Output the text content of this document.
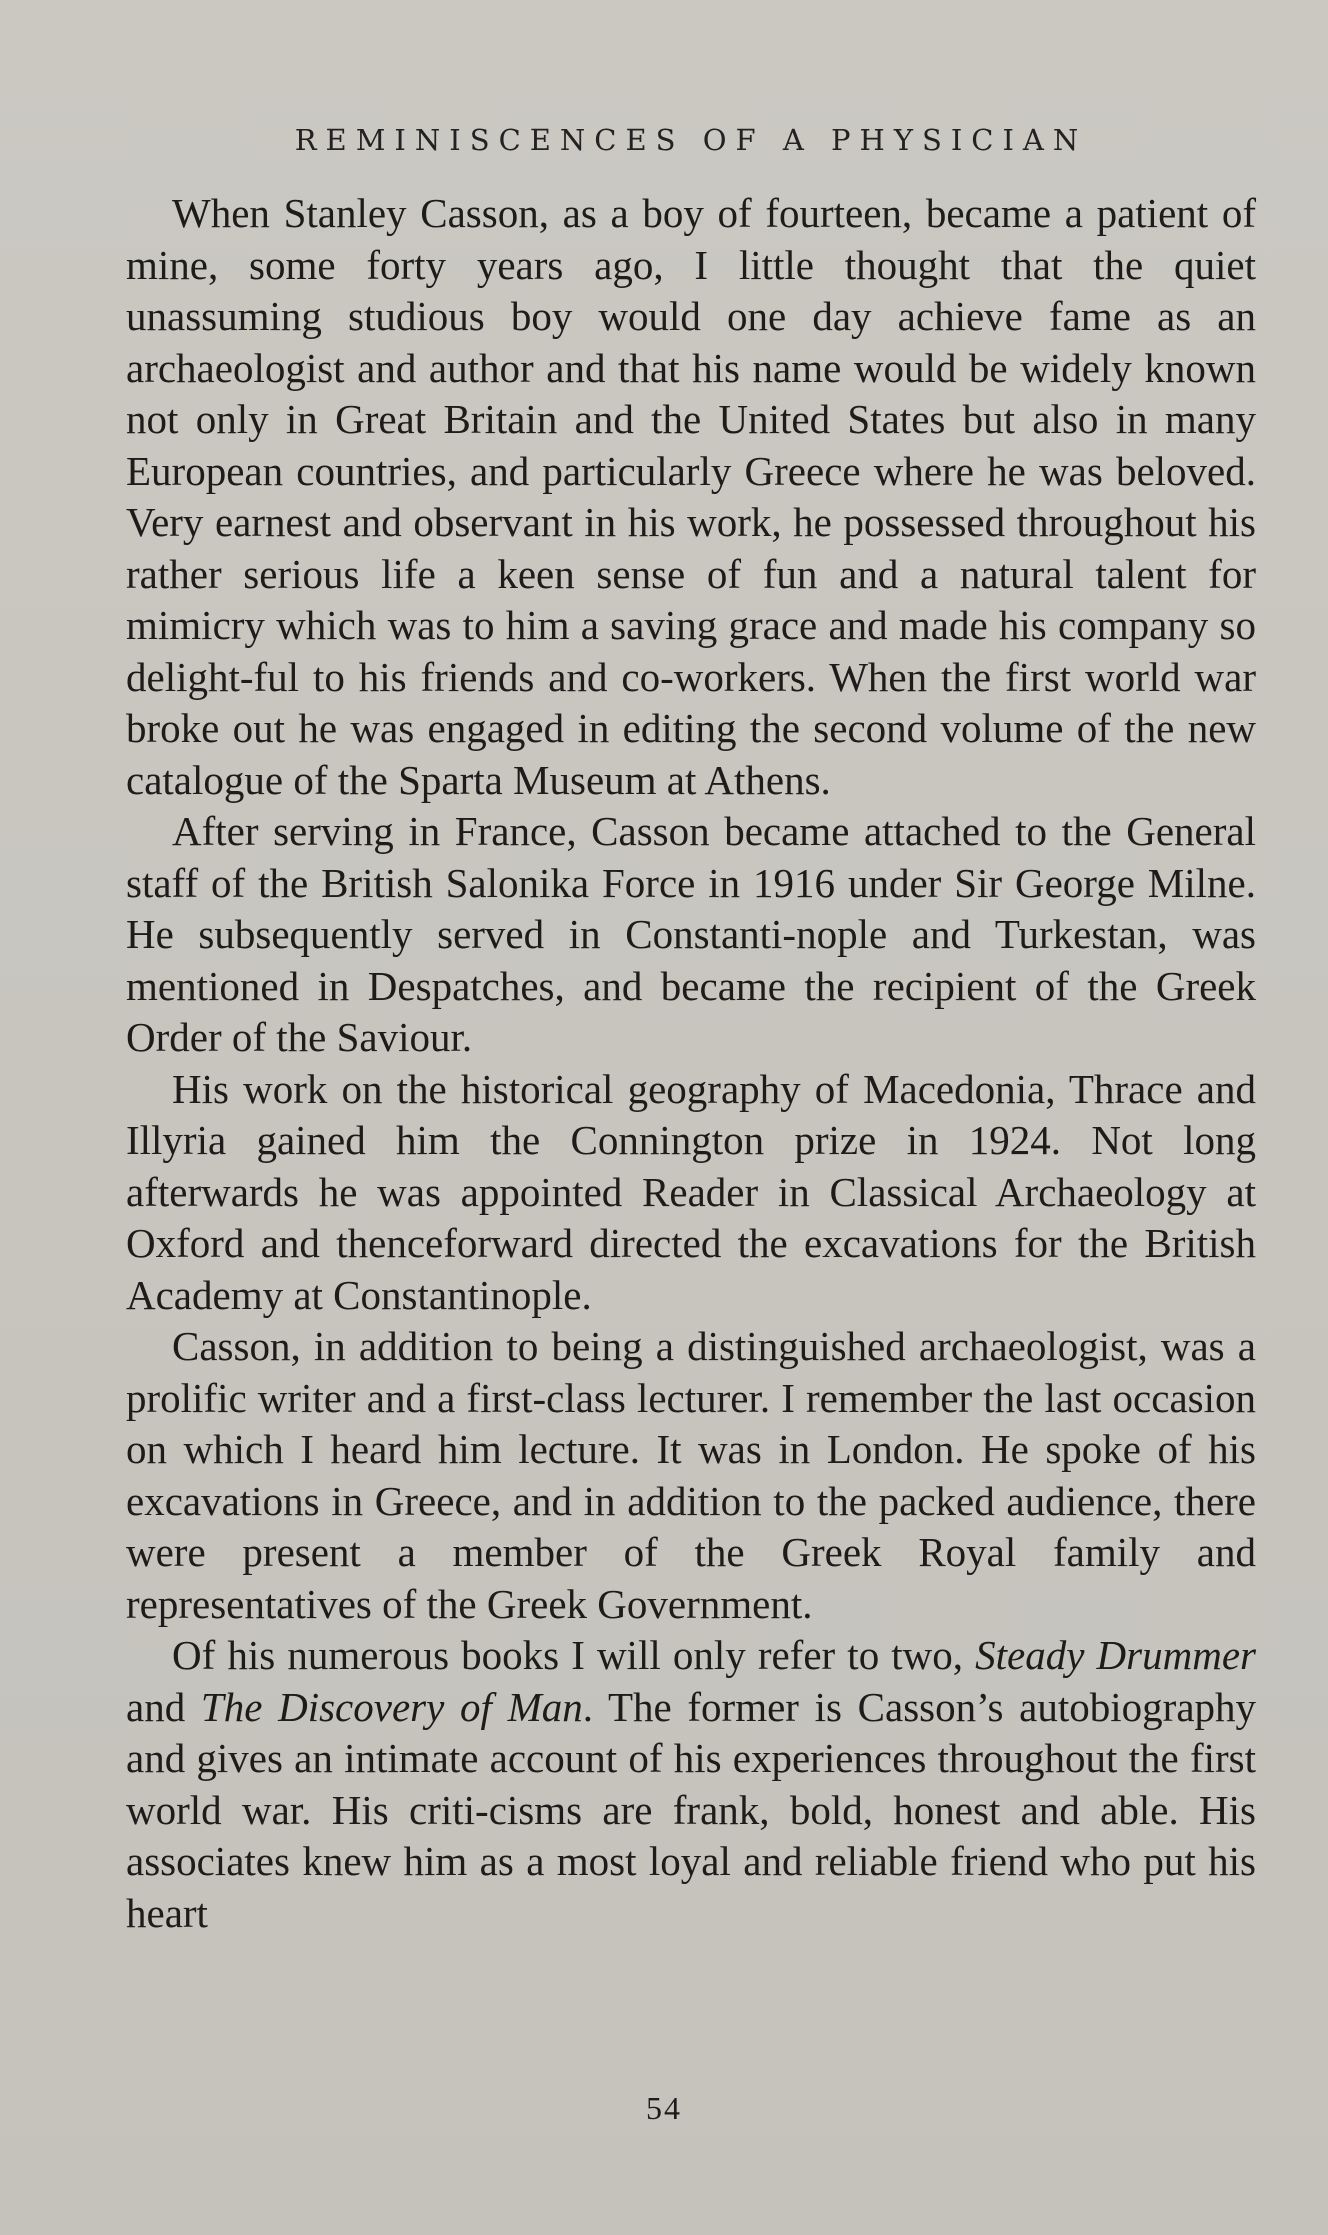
REMINISCENCES OF A PHYSICIAN

When Stanley Casson, as a boy of fourteen, became a patient of mine, some forty years ago, I little thought that the quiet unassuming studious boy would one day achieve fame as an archaeologist and author and that his name would be widely known not only in Great Britain and the United States but also in many European countries, and particularly Greece where he was beloved. Very earnest and observant in his work, he possessed throughout his rather serious life a keen sense of fun and a natural talent for mimicry which was to him a saving grace and made his company so delight-ful to his friends and co-workers. When the first world war broke out he was engaged in editing the second volume of the new catalogue of the Sparta Museum at Athens.

After serving in France, Casson became attached to the General staff of the British Salonika Force in 1916 under Sir George Milne. He subsequently served in Constanti-nople and Turkestan, was mentioned in Despatches, and became the recipient of the Greek Order of the Saviour.

His work on the historical geography of Macedonia, Thrace and Illyria gained him the Connington prize in 1924. Not long afterwards he was appointed Reader in Classical Archaeology at Oxford and thenceforward directed the excavations for the British Academy at Constantinople.

Casson, in addition to being a distinguished archaeologist, was a prolific writer and a first-class lecturer. I remember the last occasion on which I heard him lecture. It was in London. He spoke of his excavations in Greece, and in addition to the packed audience, there were present a member of the Greek Royal family and representatives of the Greek Government.

Of his numerous books I will only refer to two, Steady Drummer and The Discovery of Man. The former is Casson’s autobiography and gives an intimate account of his experiences throughout the first world war. His criti-cisms are frank, bold, honest and able. His associates knew him as a most loyal and reliable friend who put his heart

54
